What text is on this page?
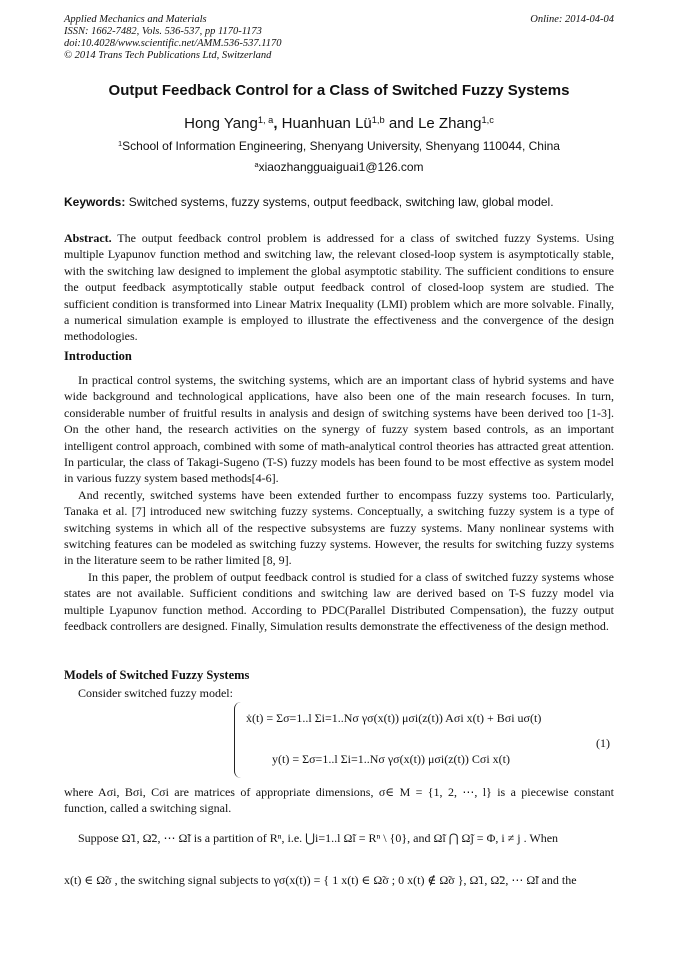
Applied Mechanics and Materials
ISSN: 1662-7482, Vols. 536-537, pp 1170-1173
doi:10.4028/www.scientific.net/AMM.536-537.1170
© 2014 Trans Tech Publications Ltd, Switzerland
Online: 2014-04-04
Output Feedback Control for a Class of Switched Fuzzy Systems
Hong Yang$^{1, a}$, Huanhuan Lü$^{1,b}$ and Le Zhang$^{1,c}$
$^1$School of Information Engineering, Shenyang University, Shenyang 110044, China
$^a$xiaozhangguaiguai1@126.com
Keywords: Switched systems, fuzzy systems, output feedback, switching law, global model.

Abstract. The output feedback control problem is addressed for a class of switched fuzzy Systems. Using multiple Lyapunov function method and switching law, the relevant closed-loop system is asymptotically stable, with the switching law designed to implement the global asymptotic stability. The sufficient conditions to ensure the output feedback asymptotically stable output feedback control of closed-loop system are studied. The sufficient condition is transformed into Linear Matrix Inequality (LMI) problem which are more solvable. Finally, a numerical simulation example is employed to illustrate the effectiveness and the convergence of the design methodologies.

Introduction

In practical control systems, the switching systems, which are an important class of hybrid systems and have wide background and technological applications, have also been one of the main research focuses. In turn, considerable number of fruitful results in analysis and design of switching systems have been derived too [1-3]. On the other hand, the research activities on the synergy of fuzzy system based controls, as an important intelligent control approach, combined with some of math-analytical control theories has attracted great attention. In particular, the class of Takagi-Sugeno (T-S) fuzzy models has been found to be most effective as system model in various fuzzy system based methods[4-6].

And recently, switched systems have been extended further to encompass fuzzy systems too. Particularly, Tanaka et al. [7] introduced new switching fuzzy systems. Conceptually, a switching fuzzy system is a type of switching systems in which all of the respective subsystems are fuzzy systems. Many nonlinear systems with switching features can be modeled as switching fuzzy systems. However, the results for switching fuzzy systems in the literature seem to be rather limited [8, 9].

In this paper, the problem of output feedback control is studied for a class of switched fuzzy systems whose states are not available. Sufficient conditions and switching law are derived based on T-S fuzzy model via multiple Lyapunov function method. According to PDC(Parallel Distributed Compensation), the fuzzy output feedback controllers are designed. Finally, Simulation results demonstrate the effectiveness of the design method.

Models of Switched Fuzzy Systems
Consider switched fuzzy model:
ẋ(t) = Σσ=1..l Σi=1..Nσ γσ(x(t)) μσi(z(t)) Aσi x(t) + Bσi uσ(t)
y(t) = Σσ=1..l Σi=1..Nσ γσ(x(t)) μσi(z(t)) Cσi x(t)
(1)
where Aσi, Bσi, Cσi are matrices of appropriate dimensions, σ∈ M = {1, 2, ⋯, l} is a piecewise constant function, called a switching signal.

Suppose Ω̃1, Ω̃2, ⋯ Ω̃l is a partition of Rⁿ, i.e. ⋃i=1..l Ω̃i = Rⁿ \ {0}, and Ω̃i ⋂ Ω̃j = Φ, i ≠ j . When

x(t) ∈ Ω̃σ , the switching signal subjects to γσ(x(t)) = { 1 x(t) ∈ Ω̃σ ; 0 x(t) ∉ Ω̃σ }, Ω̃1, Ω̃2, ⋯ Ω̃l and the
